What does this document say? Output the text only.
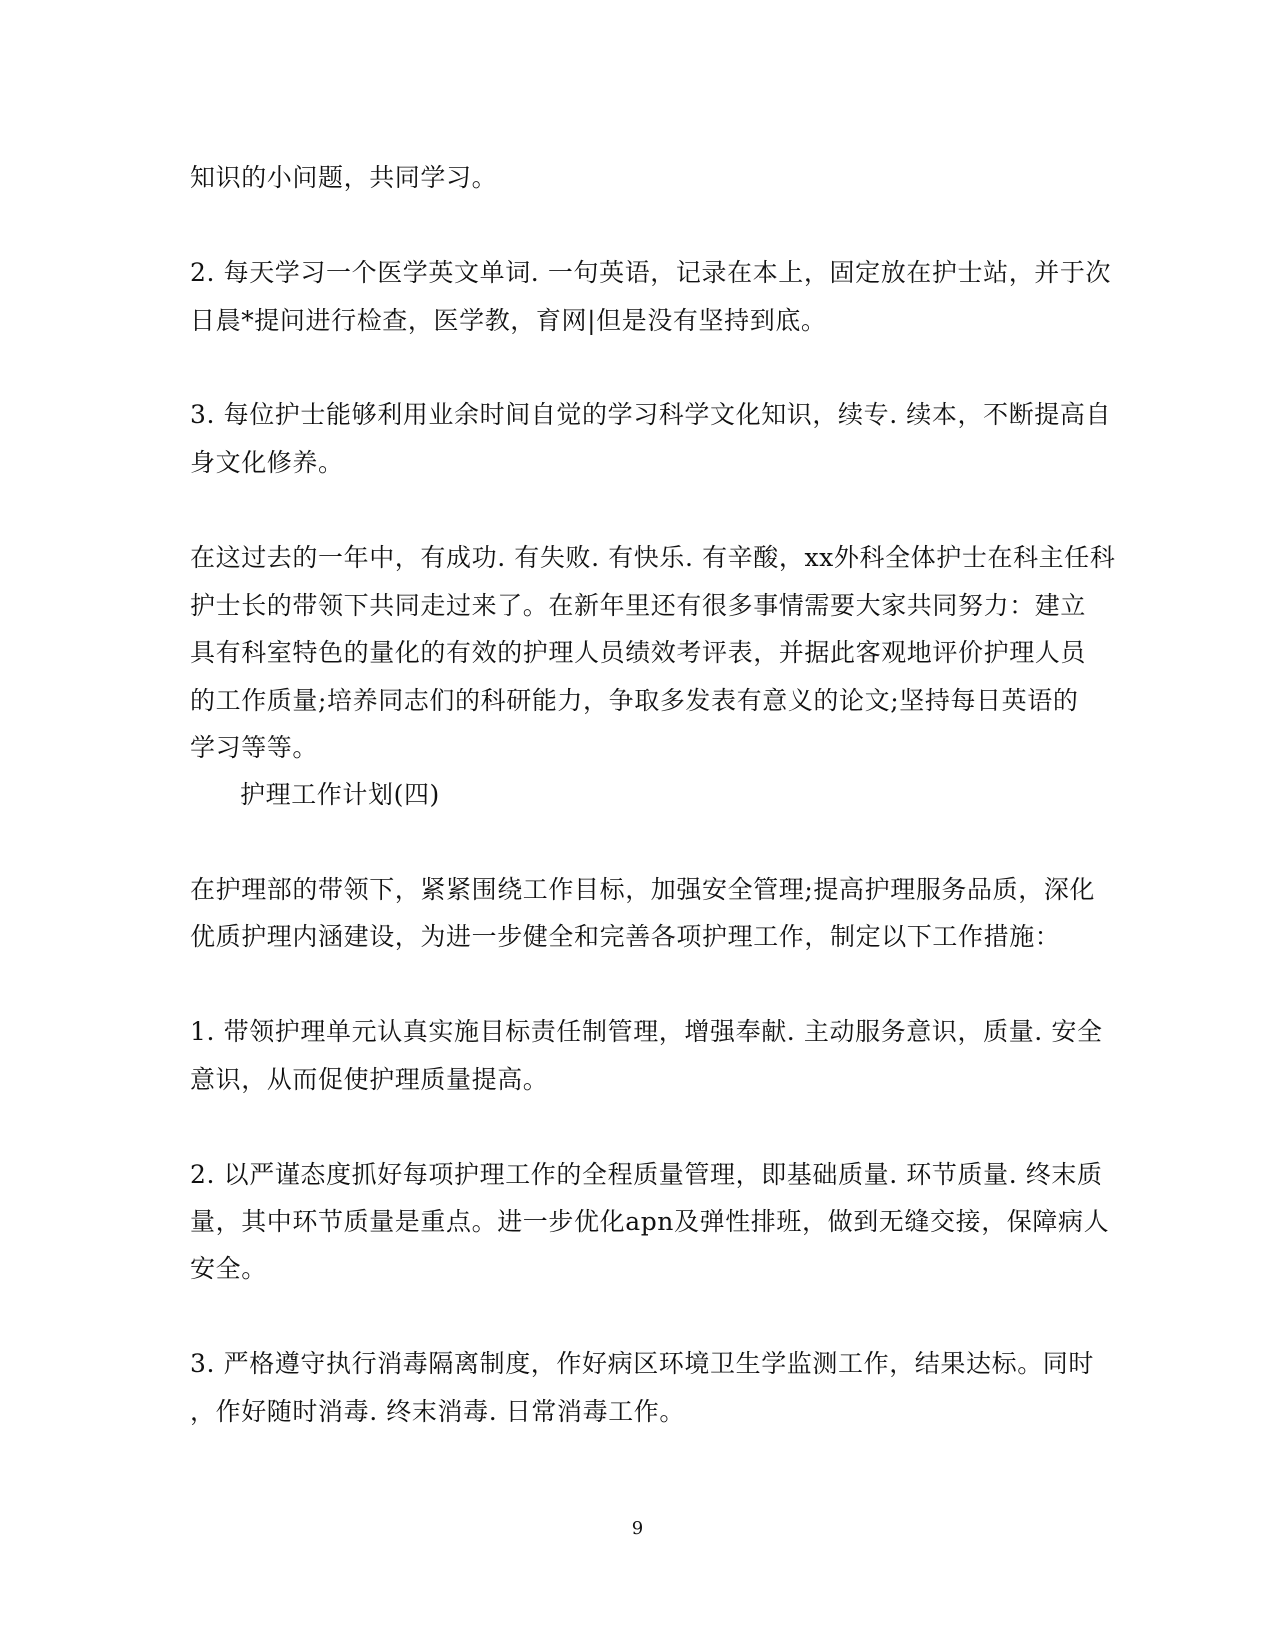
知识的小问题，共同学习。
2. 每天学习一个医学英文单词. 一句英语，记录在本上，固定放在护士站，并于次
日晨*提问进行检查，医学教，育网|但是没有坚持到底。
3. 每位护士能够利用业余时间自觉的学习科学文化知识，续专. 续本，不断提高自
身文化修养。
在这过去的一年中，有成功. 有失败. 有快乐. 有辛酸，xx外科全体护士在科主任科
护士长的带领下共同走过来了。在新年里还有很多事情需要大家共同努力：建立
具有科室特色的量化的有效的护理人员绩效考评表，并据此客观地评价护理人员
的工作质量;培养同志们的科研能力，争取多发表有意义的论文;坚持每日英语的
学习等等。
护理工作计划(四)
在护理部的带领下，紧紧围绕工作目标，加强安全管理;提高护理服务品质，深化
优质护理内涵建设，为进一步健全和完善各项护理工作，制定以下工作措施：
1. 带领护理单元认真实施目标责任制管理，增强奉献. 主动服务意识，质量. 安全
意识，从而促使护理质量提高。
2. 以严谨态度抓好每项护理工作的全程质量管理，即基础质量. 环节质量. 终末质
量，其中环节质量是重点。进一步优化apn及弹性排班，做到无缝交接，保障病人
安全。
3. 严格遵守执行消毒隔离制度，作好病区环境卫生学监测工作，结果达标。同时
，作好随时消毒. 终末消毒. 日常消毒工作。
9
